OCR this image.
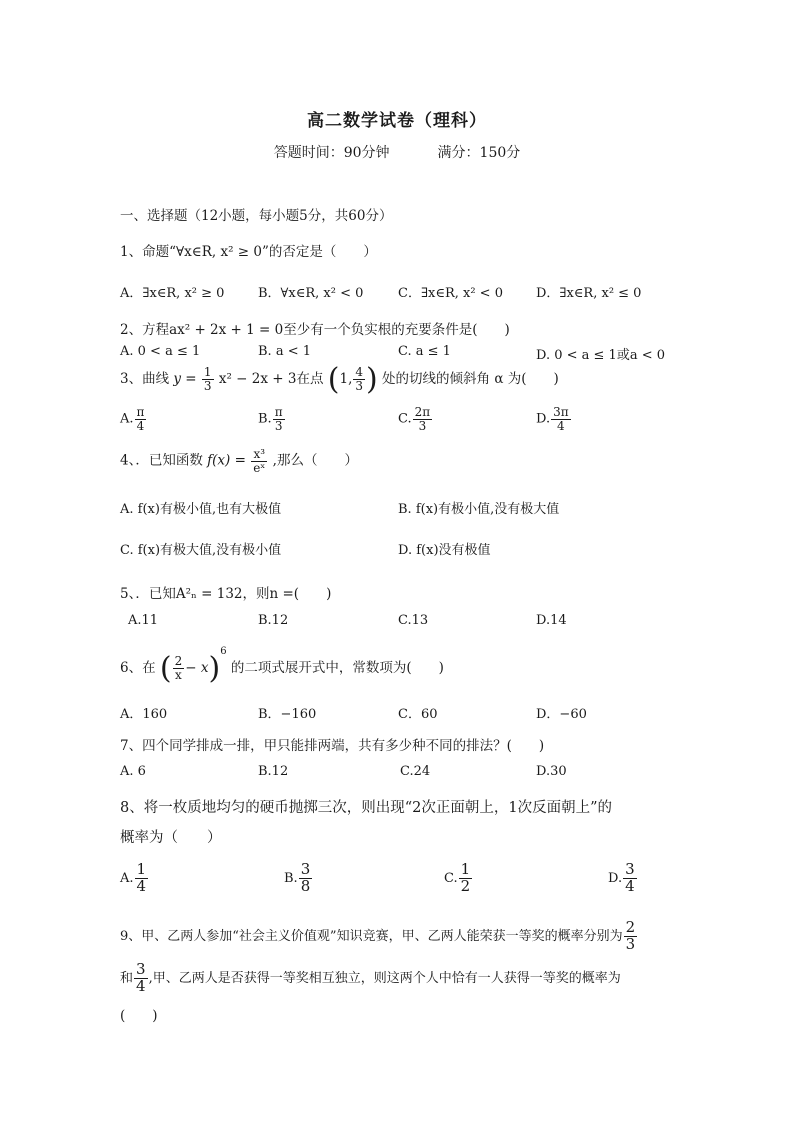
高二数学试卷（理科）
答题时间：90分钟	满分：150分
一、选择题（12小题，每小题5分，共60分）
1、命题“∀x∈R, x² ≥ 0”的否定是（　　）
A．∃x∈R, x² ≥ 0	B．∀x∈R, x² < 0	C．∃x∈R, x² < 0	D．∃x∈R, x² ≤ 0
2、方程ax² + 2x + 1 = 0至少有一个负实根的充要条件是(　　)
A. 0 < a ≤ 1	B. a < 1	C. a ≤ 1	D. 0 < a ≤ 1或a < 0
3、曲线 $y = \frac{1}{3} x^2 - 2x + 3$在点 (1, $\frac{4}{3}$ ) 处的切线的倾斜角 α 为(　　)
A. $\frac{\pi}{4}$	B. $\frac{\pi}{3}$	C. $\frac{2\pi}{3}$	D. $\frac{3\pi}{4}$
4、．已知函数 $f(x) = \frac{\text{x³}}{\text{eˣ}}$ ,那么（　　）
A. f(x)有极小值,也有大极值	B. f(x)有极小值,没有极大值
C. f(x)有极大值,没有极小值	D. f(x)没有极值
5、．已知A²ₙ = 132，则n =(　　)
A.11	B.12	C.13	D.14
6、在 ( $\frac{2}{x} - x)^6$ 的二项式展开式中，常数项为(　　)
A．160	B．−160	C．60	D．−60
7、四个同学排成一排，甲只能排两端，共有多少种不同的排法？(　　)
A. 6	B.12	C.24	D.30
8、将一枚质地均匀的硬币抛掷三次，则出现“2次正面朝上，1次反面朝上”的
概率为（　　）
A. $\frac{1}{4}$	B. $\frac{3}{8}$	C. $\frac{1}{2}$	D. $\frac{3}{4}$
9、甲、乙两人参加“社会主义价值观”知识竞赛，甲、乙两人能荣获一等奖的概率分别为 $\frac{2}{3}$
和 $\frac{3}{4}$ ,甲、乙两人是否获得一等奖相互独立，则这两个人中恰有一人获得一等奖的概率为
(　　)
